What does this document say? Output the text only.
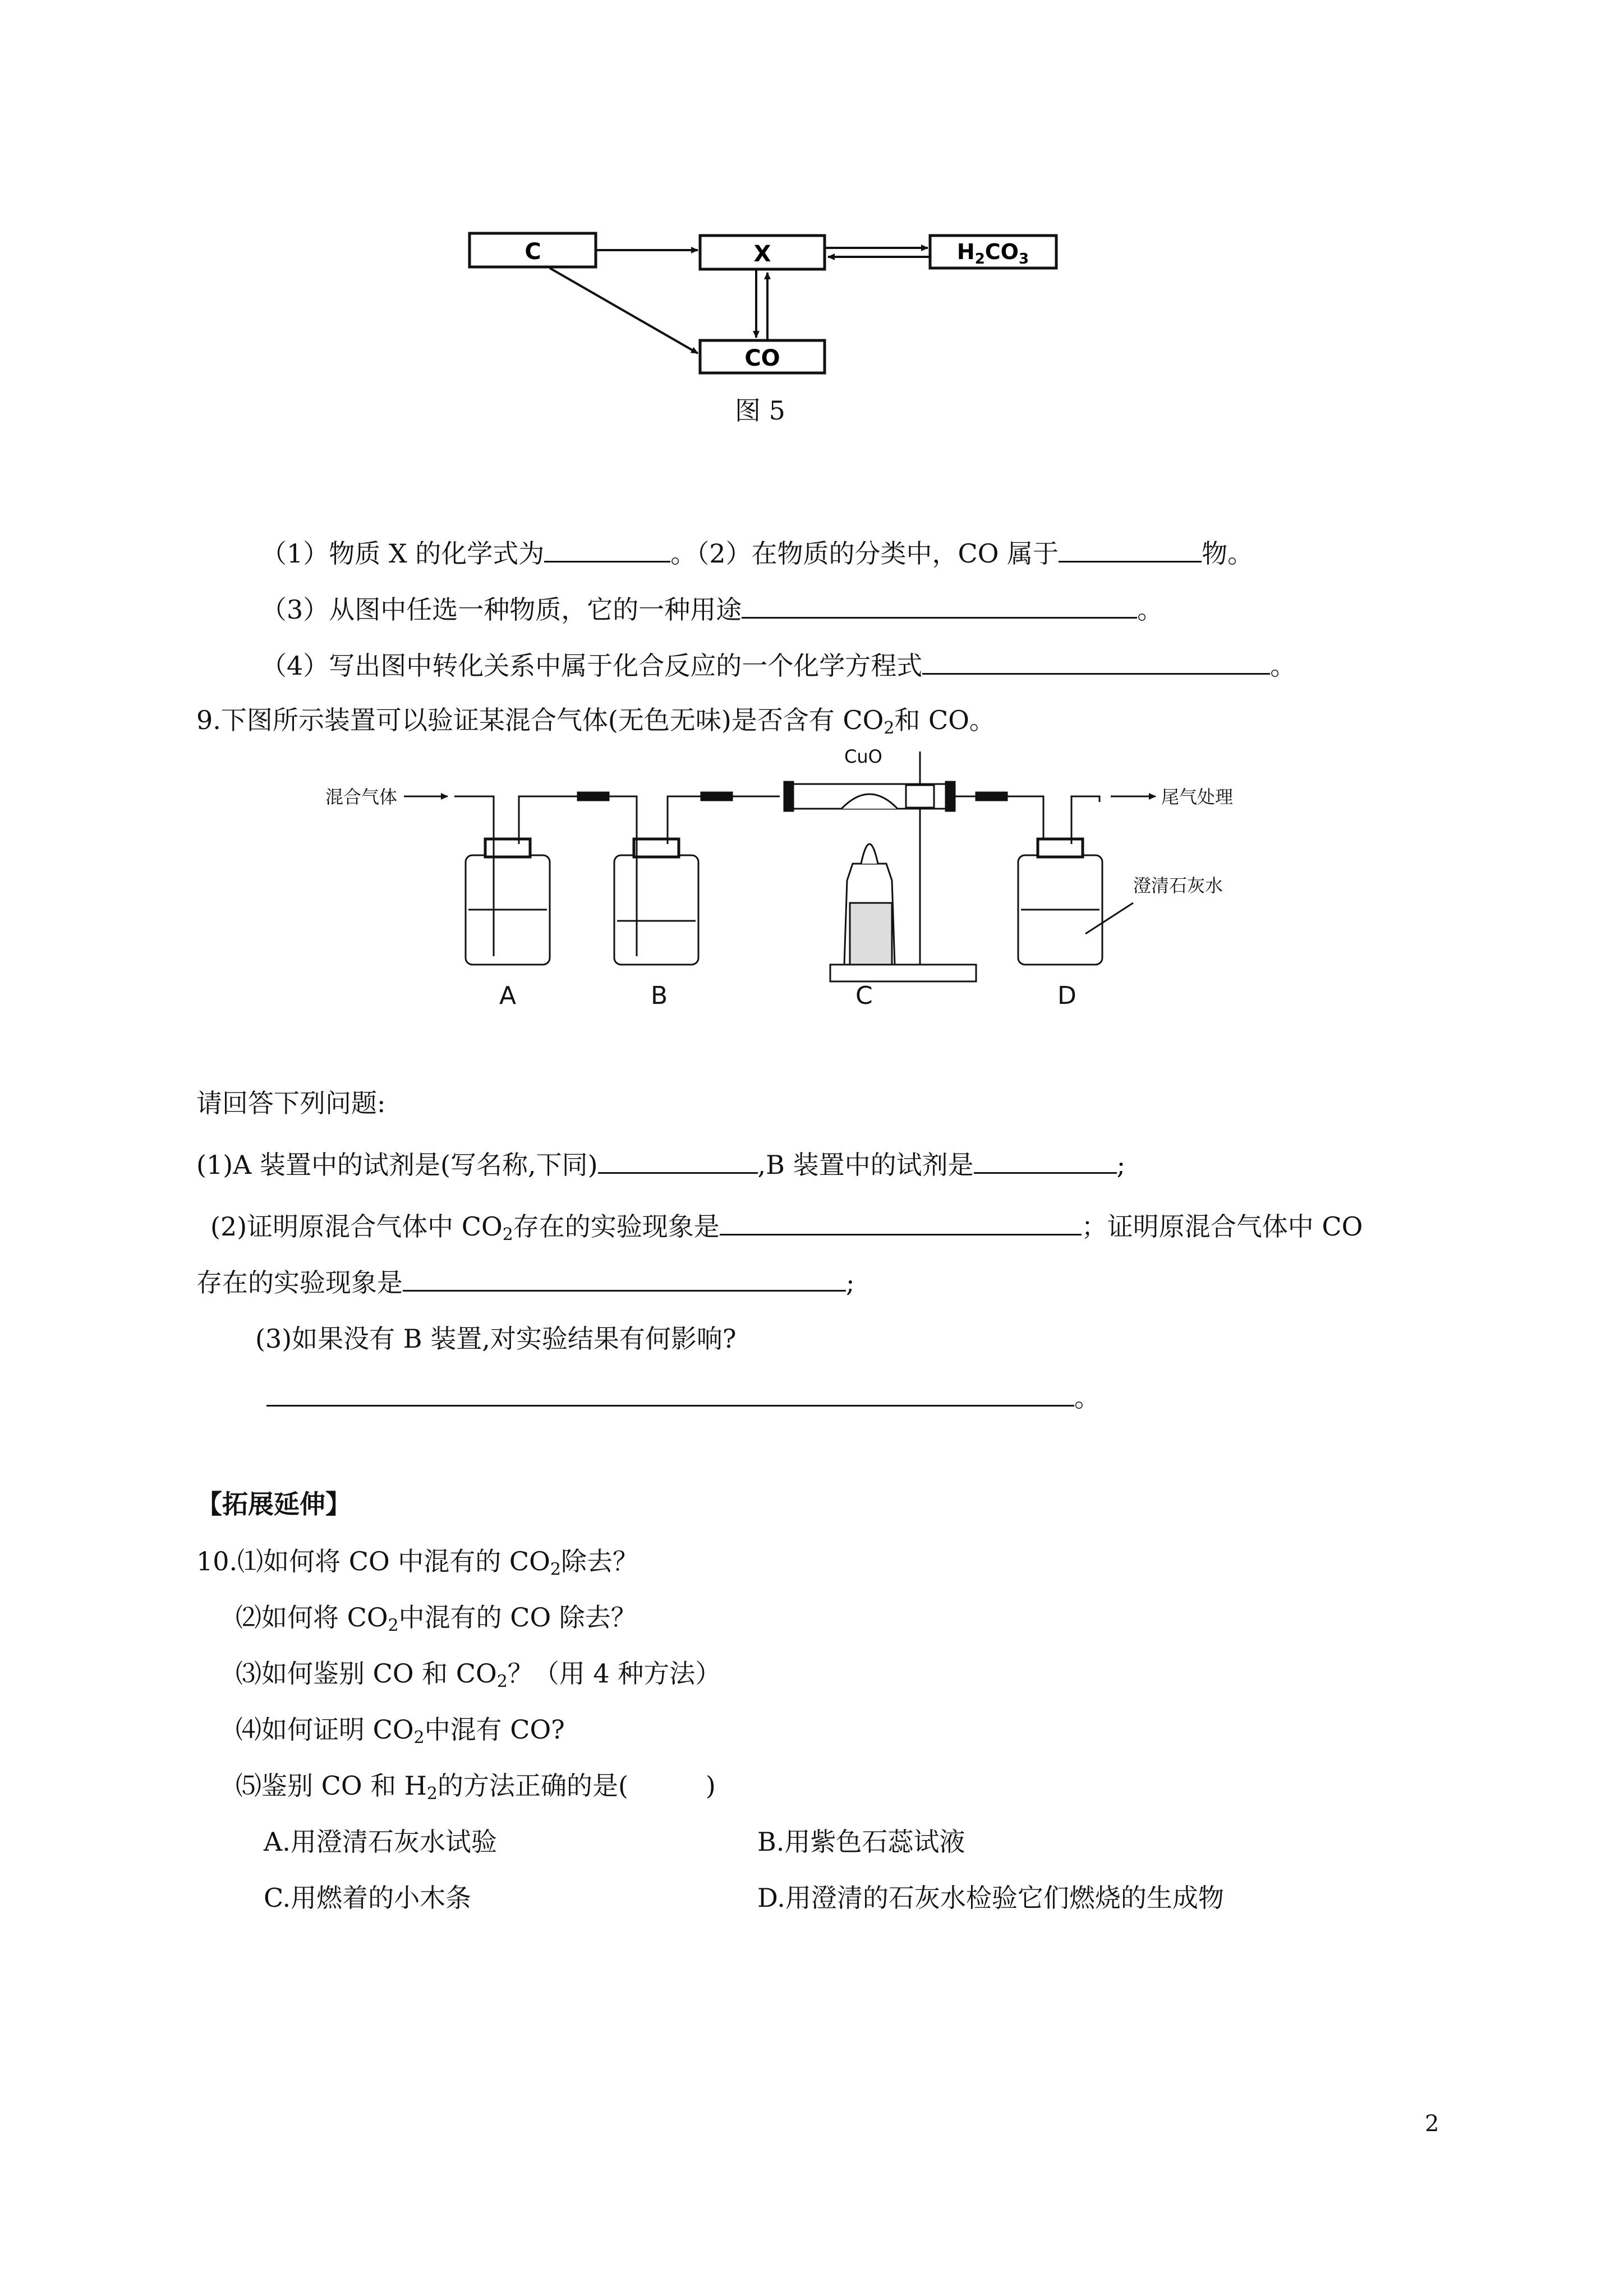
C	X	$H_2CO_3$
CO
图 5
（1）物质 X 的化学式为	。（2）在物质的分类中，CO 属于	物。
（3）从图中任选一种物质，它的一种用途	。
（4）写出图中转化关系中属于化合反应的一个化学方程式	。
9.下图所示装置可以验证某混合气体(无色无味)是否含有 $CO_2$和 CO。
混合气体	尾气处理
CuO
澄清石灰水
A	B	C	D
请回答下列问题:
(1)A 装置中的试剂是(写名称,下同)	,B 装置中的试剂是	;
(2)证明原混合气体中 $CO_2$存在的实验现象是	；证明原混合气体中 CO
存在的实验现象是	;
(3)如果没有 B 装置,对实验结果有何影响?
。
【拓展延伸】
10.⑴如何将 CO 中混有的 $CO_2$除去？
⑵如何将 $CO_2$中混有的 CO 除去？
⑶如何鉴别 CO 和 $CO_2$？（用 4 种方法）
⑷如何证明 $CO_2$中混有 CO?
⑸鉴别 CO 和 $H_2$的方法正确的是(　　　)
A.用澄清石灰水试验	B.用紫色石蕊试液
C.用燃着的小木条	D.用澄清的石灰水检验它们燃烧的生成物
2
